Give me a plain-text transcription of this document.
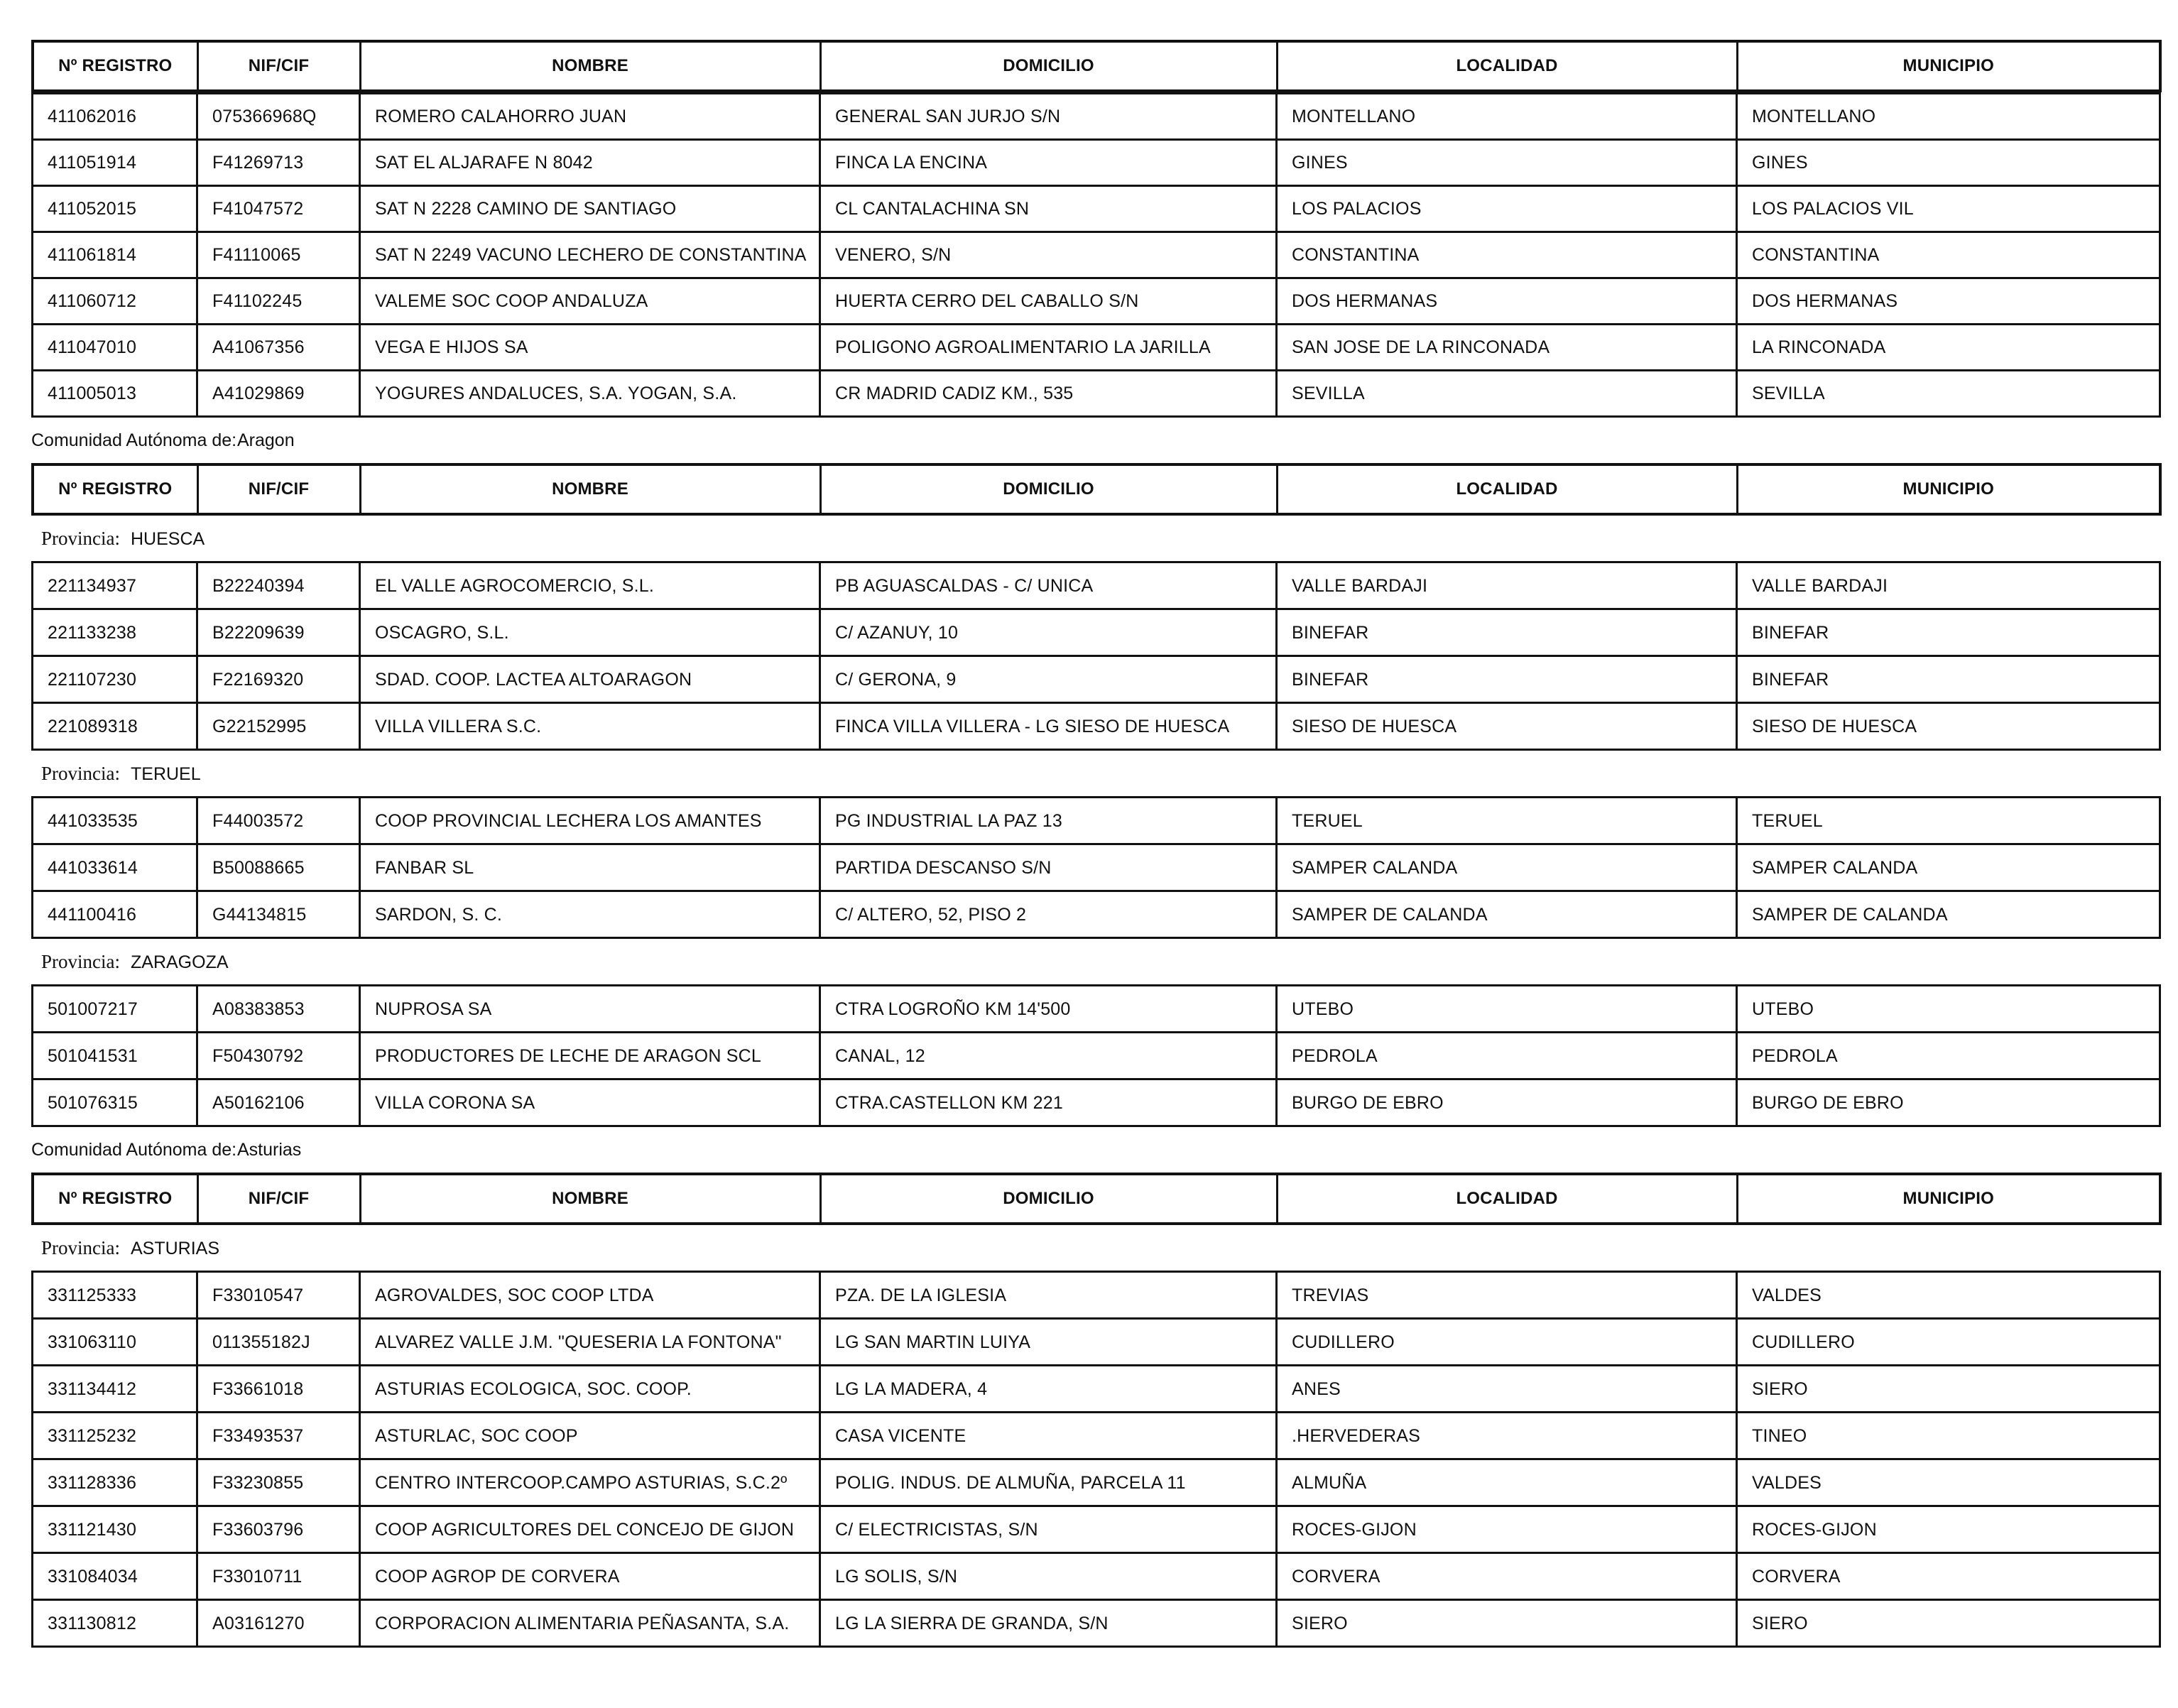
Nº REGISTRO	NIF/CIF	NOMBRE	DOMICILIO	LOCALIDAD	MUNICIPIO
411062016	075366968Q	ROMERO CALAHORRO JUAN	GENERAL SAN JURJO S/N	MONTELLANO	MONTELLANO
411051914	F41269713	SAT EL ALJARAFE N 8042	FINCA LA ENCINA	GINES	GINES
411052015	F41047572	SAT N 2228 CAMINO DE SANTIAGO	CL CANTALACHINA SN	LOS PALACIOS	LOS PALACIOS VIL
411061814	F41110065	SAT N 2249 VACUNO LECHERO DE CONSTANTINA	VENERO, S/N	CONSTANTINA	CONSTANTINA
411060712	F41102245	VALEME SOC COOP ANDALUZA	HUERTA CERRO DEL CABALLO S/N	DOS HERMANAS	DOS HERMANAS
411047010	A41067356	VEGA E HIJOS SA	POLIGONO AGROALIMENTARIO LA JARILLA	SAN JOSE DE LA RINCONADA	LA RINCONADA
411005013	A41029869	YOGURES ANDALUCES, S.A. YOGAN, S.A.	CR MADRID CADIZ KM., 535	SEVILLA	SEVILLA
Comunidad Autónoma de:Aragon
Nº REGISTRO	NIF/CIF	NOMBRE	DOMICILIO	LOCALIDAD	MUNICIPIO
Provincia: HUESCA
221134937	B22240394	EL VALLE AGROCOMERCIO, S.L.	PB AGUASCALDAS - C/ UNICA	VALLE BARDAJI	VALLE BARDAJI
221133238	B22209639	OSCAGRO, S.L.	C/ AZANUY, 10	BINEFAR	BINEFAR
221107230	F22169320	SDAD. COOP. LACTEA ALTOARAGON	C/ GERONA, 9	BINEFAR	BINEFAR
221089318	G22152995	VILLA VILLERA S.C.	FINCA VILLA VILLERA - LG SIESO DE HUESCA	SIESO DE HUESCA	SIESO DE HUESCA
Provincia: TERUEL
441033535	F44003572	COOP PROVINCIAL LECHERA LOS AMANTES	PG INDUSTRIAL LA PAZ 13	TERUEL	TERUEL
441033614	B50088665	FANBAR SL	PARTIDA DESCANSO S/N	SAMPER CALANDA	SAMPER CALANDA
441100416	G44134815	SARDON, S. C.	C/ ALTERO, 52, PISO 2	SAMPER DE CALANDA	SAMPER DE CALANDA
Provincia: ZARAGOZA
501007217	A08383853	NUPROSA SA	CTRA LOGROÑO KM 14'500	UTEBO	UTEBO
501041531	F50430792	PRODUCTORES DE LECHE DE ARAGON SCL	CANAL, 12	PEDROLA	PEDROLA
501076315	A50162106	VILLA CORONA SA	CTRA.CASTELLON KM 221	BURGO DE EBRO	BURGO DE EBRO
Comunidad Autónoma de:Asturias
Nº REGISTRO	NIF/CIF	NOMBRE	DOMICILIO	LOCALIDAD	MUNICIPIO
Provincia: ASTURIAS
331125333	F33010547	AGROVALDES, SOC COOP LTDA	PZA. DE LA IGLESIA	TREVIAS	VALDES
331063110	011355182J	ALVAREZ VALLE J.M. "QUESERIA LA FONTONA"	LG SAN MARTIN LUIYA	CUDILLERO	CUDILLERO
331134412	F33661018	ASTURIAS ECOLOGICA, SOC. COOP.	LG LA MADERA, 4	ANES	SIERO
331125232	F33493537	ASTURLAC, SOC COOP	CASA VICENTE	.HERVEDERAS	TINEO
331128336	F33230855	CENTRO INTERCOOP.CAMPO ASTURIAS, S.C.2º	POLIG. INDUS. DE ALMUÑA, PARCELA 11	ALMUÑA	VALDES
331121430	F33603796	COOP AGRICULTORES DEL CONCEJO DE GIJON	C/ ELECTRICISTAS, S/N	ROCES-GIJON	ROCES-GIJON
331084034	F33010711	COOP AGROP DE CORVERA	LG SOLIS, S/N	CORVERA	CORVERA
331130812	A03161270	CORPORACION ALIMENTARIA PEÑASANTA, S.A.	LG LA SIERRA DE GRANDA, S/N	SIERO	SIERO
